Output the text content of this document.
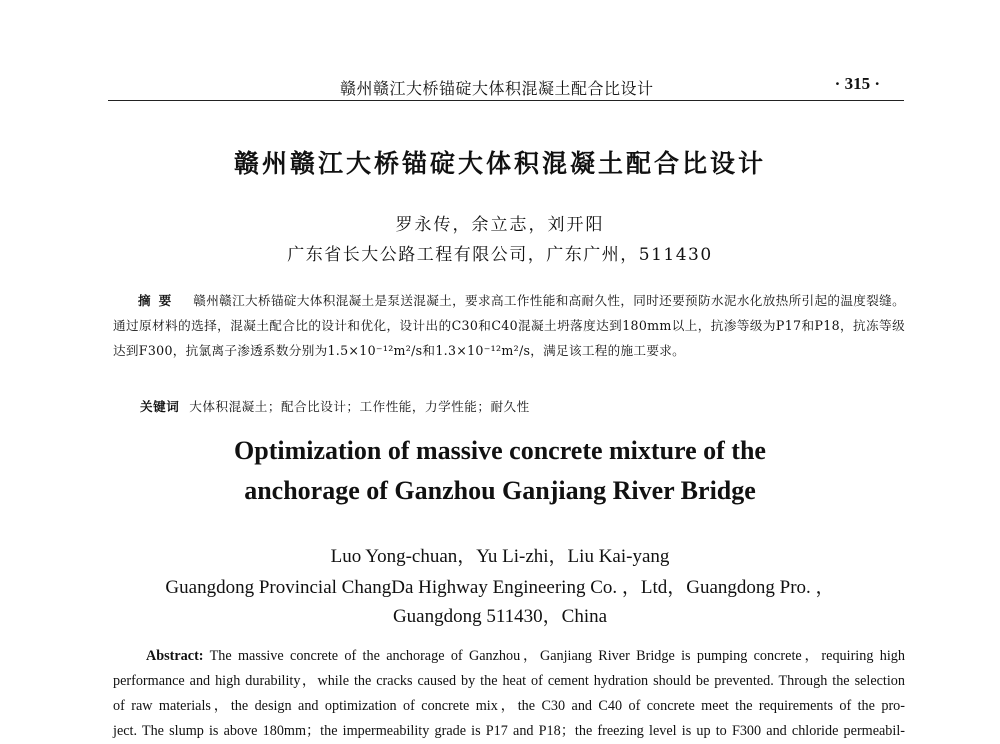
赣州赣江大桥锚碇大体积混凝土配合比设计	· 315 ·
赣州赣江大桥锚碇大体积混凝土配合比设计
罗永传，余立志，刘开阳
广东省长大公路工程有限公司，广东广州，511430
摘要 赣州赣江大桥锚碇大体积混凝土是泵送混凝土，要求高工作性能和高耐久性，同时还要预防水泥水化放热所引起的温度裂缝。通过原材料的选择，混凝土配合比的设计和优化，设计出的C30和C40混凝土坍落度达到180mm以上，抗渗等级为P17和P18，抗冻等级达到F300，抗氯离子渗透系数分别为1.5×10⁻¹²m²/s和1.3×10⁻¹²m²/s，满足该工程的施工要求。
关键词 大体积混凝土；配合比设计；工作性能，力学性能；耐久性
Optimization of massive concrete mixture of the
anchorage of Ganzhou Ganjiang River Bridge
Luo Yong-chuan，Yu Li-zhi，Liu Kai-yang
Guangdong Provincial ChangDa Highway Engineering Co. ，Ltd，Guangdong Pro. ，
Guangdong 511430，China
Abstract: The massive concrete of the anchorage of Ganzhou，Ganjiang River Bridge is pumping concrete，requiring high
performance and high durability，while the cracks caused by the heat of cement hydration should be prevented. Through the selection
of raw materials，the design and optimization of concrete mix，the C30 and C40 of concrete meet the requirements of the pro-
ject. The slump is above 180mm；the impermeability grade is P17 and P18；the freezing level is up to F300 and chloride permeabil-
